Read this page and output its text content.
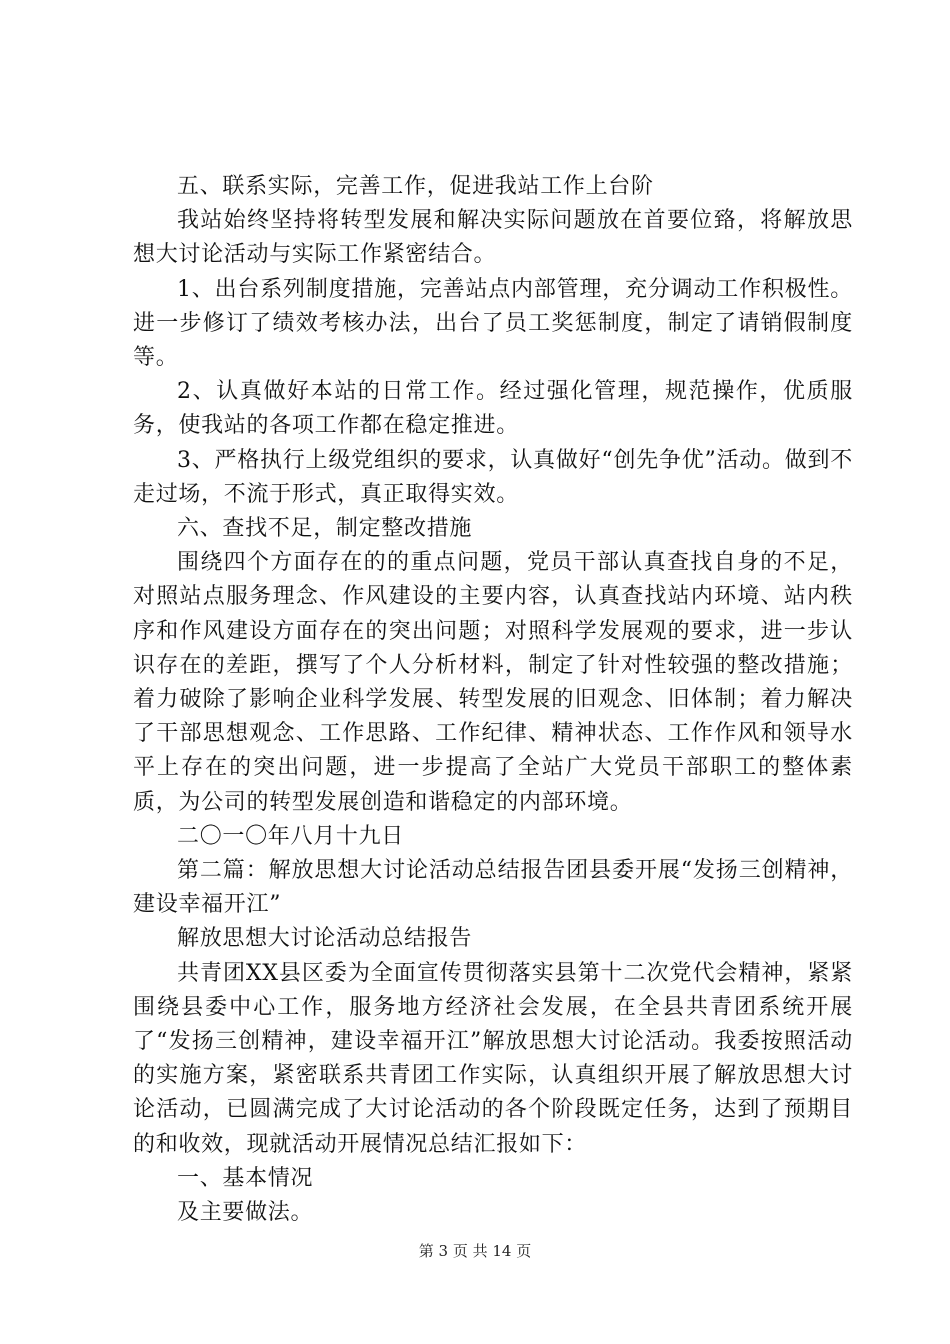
五、联系实际，完善工作，促进我站工作上台阶

我站始终坚持将转型发展和解决实际问题放在首要位臵，将解放思想大讨论活动与实际工作紧密结合。

1、出台系列制度措施，完善站点内部管理，充分调动工作积极性。进一步修订了绩效考核办法，出台了员工奖惩制度，制定了请销假制度等。

2、认真做好本站的日常工作。经过强化管理，规范操作，优质服务，使我站的各项工作都在稳定推进。

3、严格执行上级党组织的要求，认真做好“创先争优”活动。做到不走过场，不流于形式，真正取得实效。

六、查找不足，制定整改措施

围绕四个方面存在的的重点问题，党员干部认真查找自身的不足，对照站点服务理念、作风建设的主要内容，认真查找站内环境、站内秩序和作风建设方面存在的突出问题；对照科学发展观的要求，进一步认识存在的差距，撰写了个人分析材料，制定了针对性较强的整改措施；着力破除了影响企业科学发展、转型发展的旧观念、旧体制；着力解决了干部思想观念、工作思路、工作纪律、精神状态、工作作风和领导水平上存在的突出问题，进一步提高了全站广大党员干部职工的整体素质，为公司的转型发展创造和谐稳定的内部环境。

二〇一〇年八月十九日

第二篇：解放思想大讨论活动总结报告团县委开展“发扬三创精神，建设幸福开江”

解放思想大讨论活动总结报告

共青团XX县区委为全面宣传贯彻落实县第十二次党代会精神，紧紧围绕县委中心工作，服务地方经济社会发展，在全县共青团系统开展了“发扬三创精神，建设幸福开江”解放思想大讨论活动。我委按照活动的实施方案，紧密联系共青团工作实际，认真组织开展了解放思想大讨论活动，已圆满完成了大讨论活动的各个阶段既定任务，达到了预期目的和收效，现就活动开展情况总结汇报如下：

一、基本情况

及主要做法。

第 3 页 共 14 页
